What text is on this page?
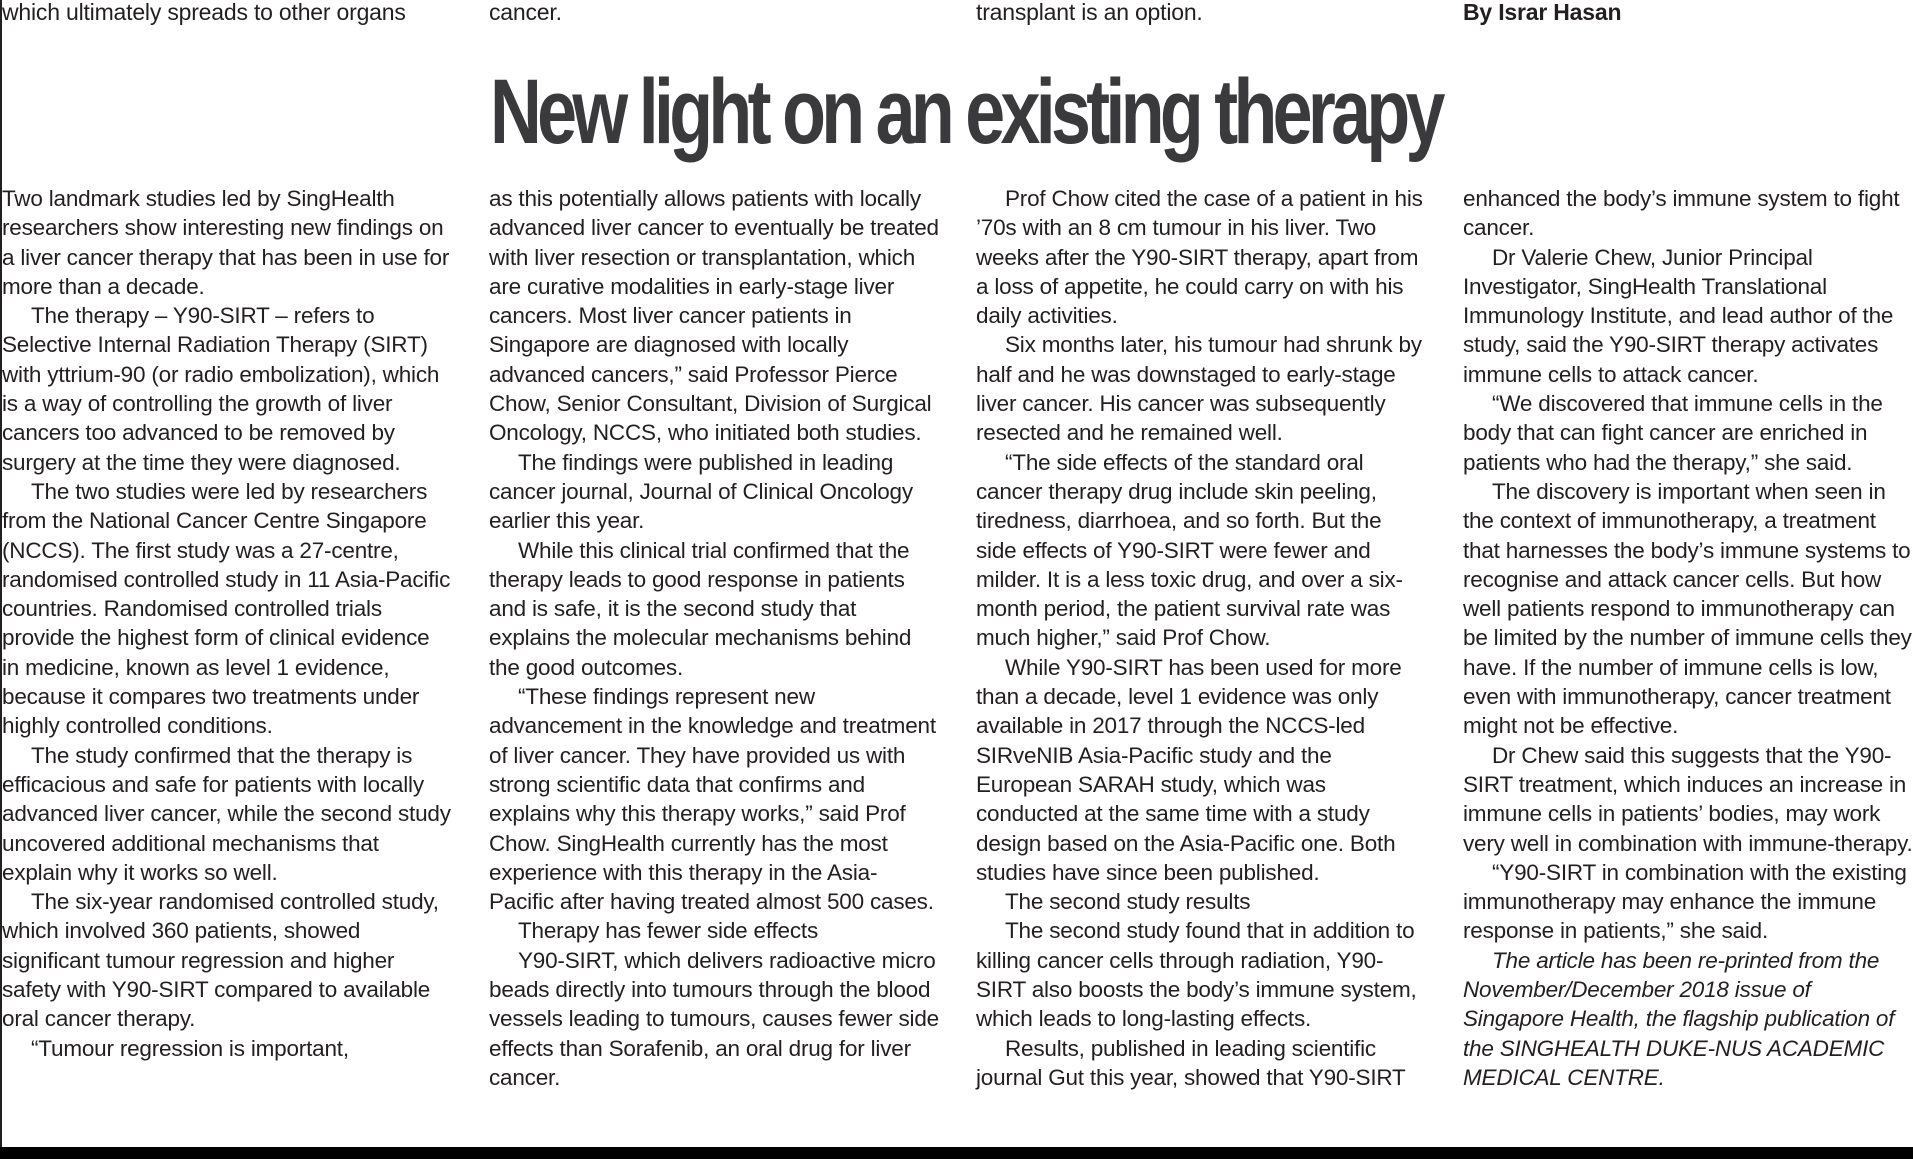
which ultimately spreads to other organs	cancer.	transplant is an option.	By Israr Hasan
New light on an existing therapy

Two landmark studies led by SingHealth researchers show interesting new findings on a liver cancer therapy that has been in use for more than a decade.

The therapy – Y90-SIRT – refers to Selective Internal Radiation Therapy (SIRT) with yttrium-90 (or radio embolization), which is a way of controlling the growth of liver cancers too advanced to be removed by surgery at the time they were diagnosed.

The two studies were led by researchers from the National Cancer Centre Singapore (NCCS). The first study was a 27-centre, randomised controlled study in 11 Asia-Pacific countries. Randomised controlled trials provide the highest form of clinical evidence in medicine, known as level 1 evidence, because it compares two treatments under highly controlled conditions.

The study confirmed that the therapy is efficacious and safe for patients with locally advanced liver cancer, while the second study uncovered additional mechanisms that explain why it works so well.

The six-year randomised controlled study, which involved 360 patients, showed significant tumour regression and higher safety with Y90-SIRT compared to available oral cancer therapy.

“Tumour regression is important,

as this potentially allows patients with locally advanced liver cancer to eventually be treated with liver resection or transplantation, which are curative modalities in early-stage liver cancers. Most liver cancer patients in Singapore are diagnosed with locally advanced cancers,” said Professor Pierce Chow, Senior Consultant, Division of Surgical Oncology, NCCS, who initiated both studies.

The findings were published in leading cancer journal, Journal of Clinical Oncology earlier this year.

While this clinical trial confirmed that the therapy leads to good response in patients and is safe, it is the second study that explains the molecular mechanisms behind the good outcomes.

“These findings represent new advancement in the knowledge and treatment of liver cancer. They have provided us with strong scientific data that confirms and explains why this therapy works,” said Prof Chow. SingHealth currently has the most experience with this therapy in the Asia-Pacific after having treated almost 500 cases.

Therapy has fewer side effects

Y90-SIRT, which delivers radioactive micro beads directly into tumours through the blood vessels leading to tumours, causes fewer side effects than Sorafenib, an oral drug for liver cancer.

Prof Chow cited the case of a patient in his ’70s with an 8 cm tumour in his liver. Two weeks after the Y90-SIRT therapy, apart from a loss of appetite, he could carry on with his daily activities.

Six months later, his tumour had shrunk by half and he was downstaged to early-stage liver cancer. His cancer was subsequently resected and he remained well.

“The side effects of the standard oral cancer therapy drug include skin peeling, tiredness, diarrhoea, and so forth. But the side effects of Y90-SIRT were fewer and milder. It is a less toxic drug, and over a six-month period, the patient survival rate was much higher,” said Prof Chow.

While Y90-SIRT has been used for more than a decade, level 1 evidence was only available in 2017 through the NCCS-led SIRveNIB Asia-Pacific study and the European SARAH study, which was conducted at the same time with a study design based on the Asia-Pacific one. Both studies have since been published.

The second study results

The second study found that in addition to killing cancer cells through radiation, Y90-SIRT also boosts the body’s immune system, which leads to long-lasting effects.

Results, published in leading scientific journal Gut this year, showed that Y90-SIRT

enhanced the body’s immune system to fight cancer.

Dr Valerie Chew, Junior Principal Investigator, SingHealth Translational Immunology Institute, and lead author of the study, said the Y90-SIRT therapy activates immune cells to attack cancer.

“We discovered that immune cells in the body that can fight cancer are enriched in patients who had the therapy,” she said.

The discovery is important when seen in the context of immunotherapy, a treatment that harnesses the body’s immune systems to recognise and attack cancer cells. But how well patients respond to immunotherapy can be limited by the number of immune cells they have. If the number of immune cells is low, even with immunotherapy, cancer treatment might not be effective.

Dr Chew said this suggests that the Y90-SIRT treatment, which induces an increase in immune cells in patients’ bodies, may work very well in combination with immune-therapy.

“Y90-SIRT in combination with the existing immunotherapy may enhance the immune response in patients,” she said.

The article has been re-printed from the November/December 2018 issue of Singapore Health, the flagship publication of the SINGHEALTH DUKE-NUS ACADEMIC MEDICAL CENTRE.
